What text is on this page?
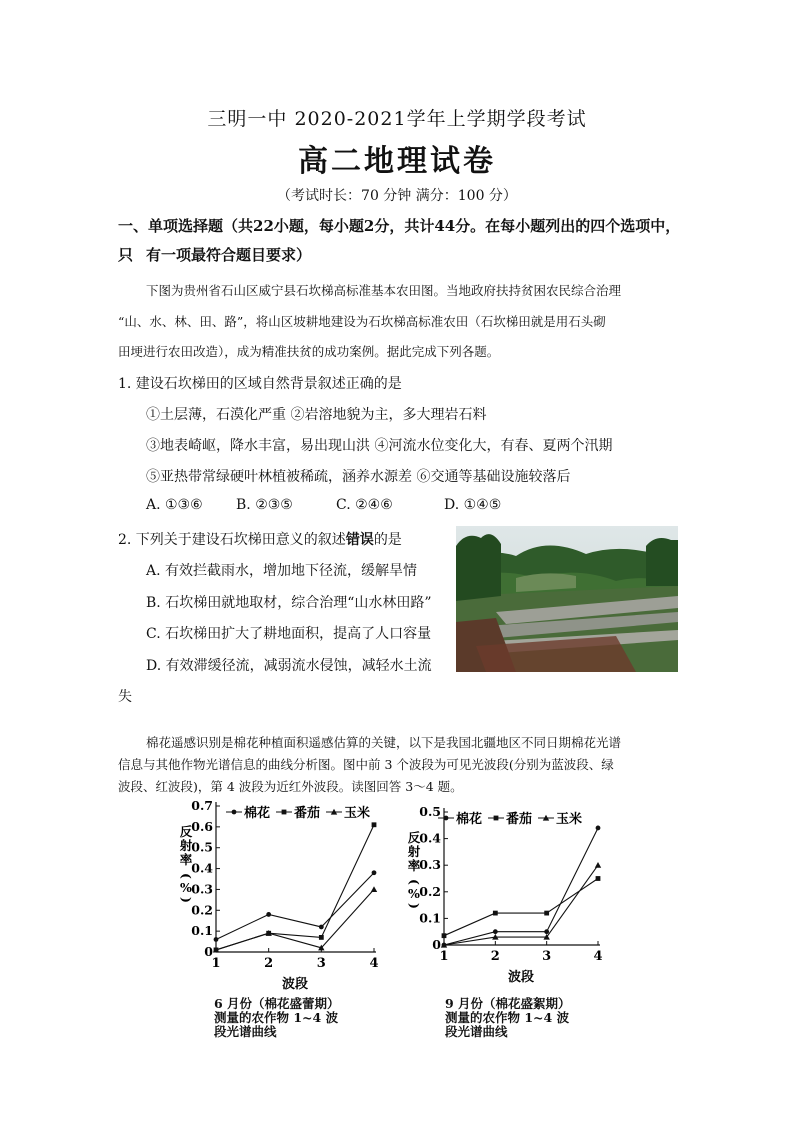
三明一中 2020-2021学年上学期学段考试
高二地理试卷
（考试时长：70 分钟 满分：100 分）
一、单项选择题（共22小题，每小题2分，共计44分。在每小题列出的四个选项中，只 有一项最符合题目要求）
下图为贵州省石山区威宁县石坎梯高标准基本农田图。当地政府扶持贫困农民综合治理
“山、水、林、田、路”，将山区坡耕地建设为石坎梯高标准农田（石坎梯田就是用石头砌
田埂进行农田改造），成为精准扶贫的成功案例。据此完成下列各题。
1. 建设石坎梯田的区域自然背景叙述正确的是
①土层薄，石漠化严重 ②岩溶地貌为主，多大理岩石料
③地表崎岖，降水丰富，易出现山洪 ④河流水位变化大，有春、夏两个汛期
⑤亚热带常绿硬叶林植被稀疏，涵养水源差 ⑥交通等基础设施较落后
A. ①③⑥ B. ②③⑤	C. ②④⑥	D. ①④⑤
2. 下列关于建设石坎梯田意义的叙述错误的是
A. 有效拦截雨水，增加地下径流，缓解旱情
B. 石坎梯田就地取材，综合治理“山水林田路”
C. 石坎梯田扩大了耕地面积，提高了人口容量
D. 有效滞缓径流，减弱流水侵蚀，减轻水土流
失
棉花遥感识别是棉花种植面积遥感估算的关键，以下是我国北疆地区不同日期棉花光谱
信息与其他作物光谱信息的曲线分析图。图中前 3 个波段为可见光波段(分别为蓝波段、绿
波段、红波段)，第 4 波段为近红外波段。读图回答 3～4 题。
0
0.1
0.2
0.3
0.4
0.5
0.6
0.7
1	2	3	4
波段
反
射
率
(
%
)
棉花 番茄 玉米
6 月份（棉花盛蕾期）
测量的农作物 1~4 波
段光谱曲线
0
0.1
0.2
0.3
0.4
0.5
1	2	3	4
波段
反
射
率
(
%
)
棉花 番茄 玉米
9 月份（棉花盛絮期）
测量的农作物 1~4 波
段光谱曲线
